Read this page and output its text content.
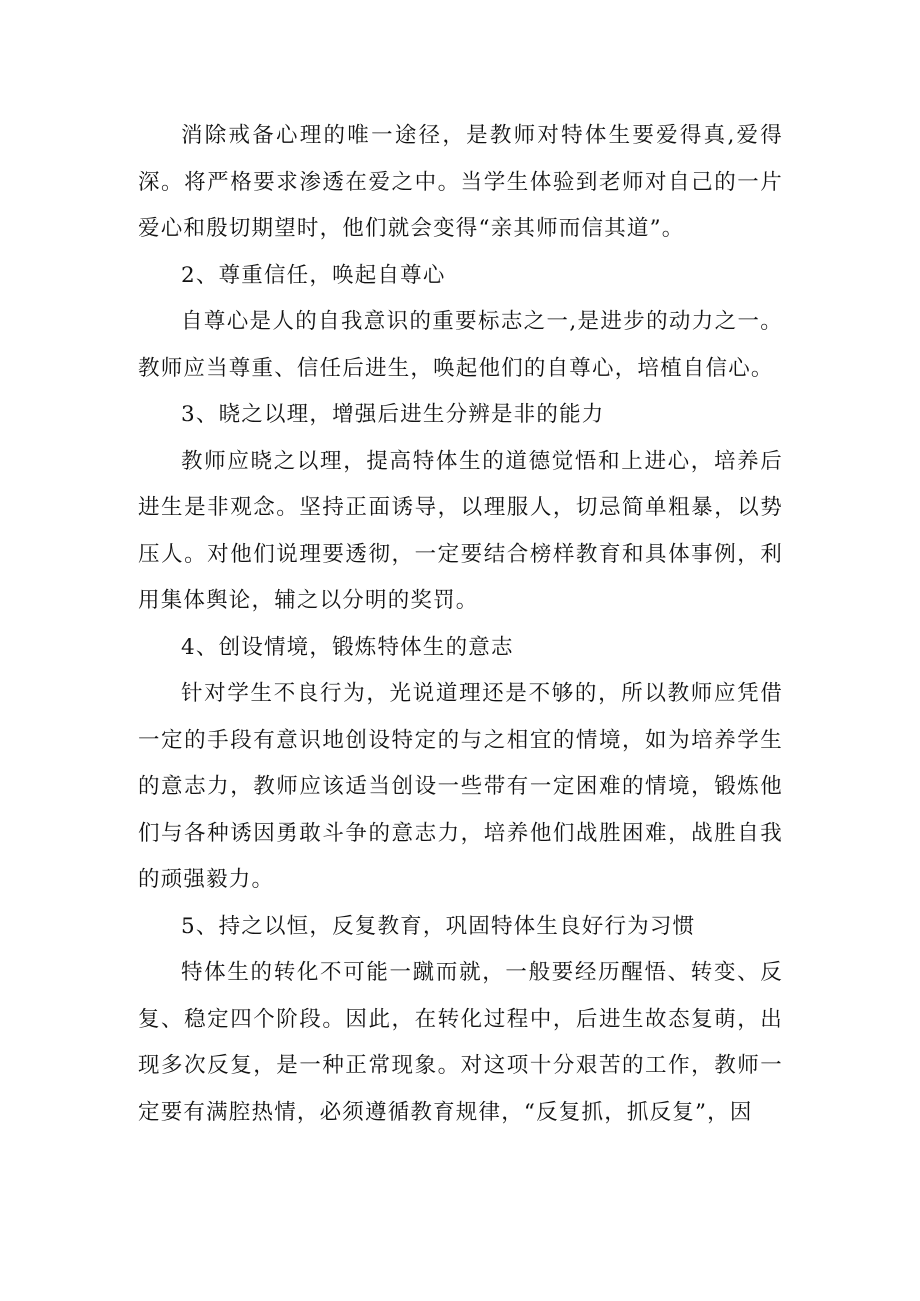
消除戒备心理的唯一途径，是教师对特体生要爱得真,爱得深。将严格要求渗透在爱之中。当学生体验到老师对自己的一片爱心和殷切期望时，他们就会变得“亲其师而信其道”。

2、尊重信任，唤起自尊心

自尊心是人的自我意识的重要标志之一,是进步的动力之一。教师应当尊重、信任后进生，唤起他们的自尊心，培植自信心。

3、晓之以理，增强后进生分辨是非的能力

教师应晓之以理，提高特体生的道德觉悟和上进心，培养后进生是非观念。坚持正面诱导，以理服人，切忌简单粗暴，以势压人。对他们说理要透彻，一定要结合榜样教育和具体事例，利用集体舆论，辅之以分明的奖罚。

4、创设情境，锻炼特体生的意志

针对学生不良行为，光说道理还是不够的，所以教师应凭借一定的手段有意识地创设特定的与之相宜的情境，如为培养学生的意志力，教师应该适当创设一些带有一定困难的情境，锻炼他们与各种诱因勇敢斗争的意志力，培养他们战胜困难，战胜自我的顽强毅力。

5、持之以恒，反复教育，巩固特体生良好行为习惯

特体生的转化不可能一蹴而就，一般要经历醒悟、转变、反复、稳定四个阶段。因此，在转化过程中，后进生故态复萌，出现多次反复，是一种正常现象。对这项十分艰苦的工作，教师一定要有满腔热情，必须遵循教育规律，“反复抓，抓反复”，因
